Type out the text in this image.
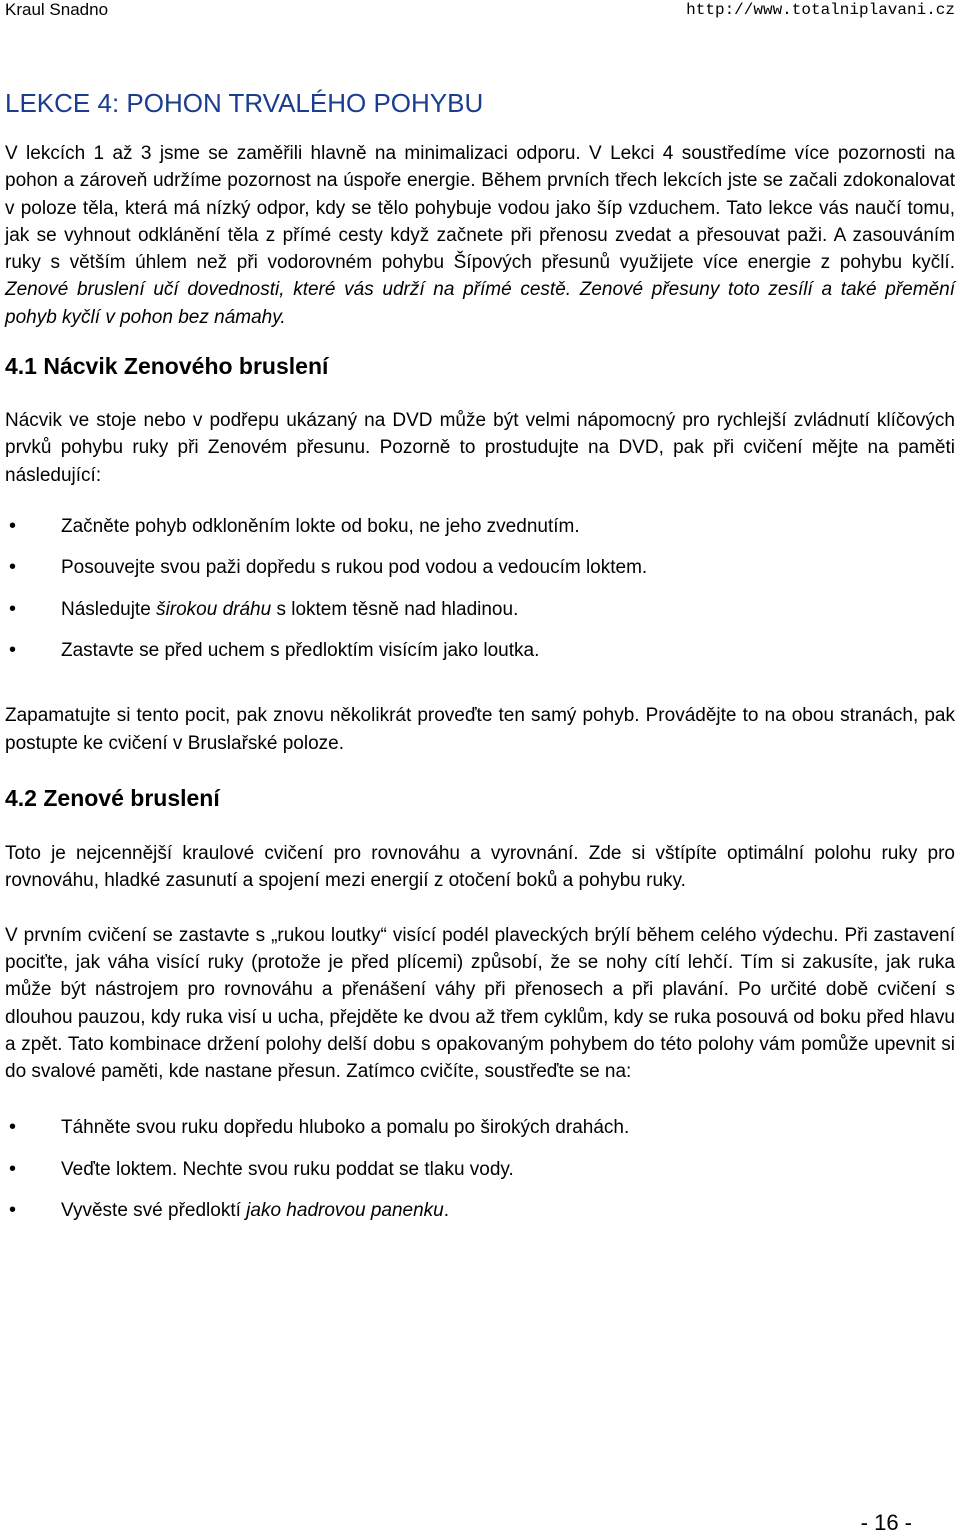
Kraul Snadno	http://www.totalniplavani.cz
LEKCE 4: POHON TRVALÉHO POHYBU

V lekcích 1 až 3 jsme se zaměřili hlavně na minimalizaci odporu. V Lekci 4 soustředíme více pozornosti na pohon a zároveň udržíme pozornost na úspoře energie. Během prvních třech lekcích jste se začali zdokonalovat v poloze těla, která má nízký odpor, kdy se tělo pohybuje vodou jako šíp vzduchem. Tato lekce vás naučí tomu, jak se vyhnout odklánění těla z přímé cesty když začnete při přenosu zvedat a přesouvat paži. A zasouváním ruky s větším úhlem než při vodorovném pohybu Šípových přesunů využijete více energie z pohybu kyčlí. Zenové bruslení učí dovednosti, které vás udrží na přímé cestě. Zenové přesuny toto zesílí a také přemění pohyb kyčlí v pohon bez námahy.

4.1 Nácvik Zenového bruslení

Nácvik ve stoje nebo v podřepu ukázaný na DVD může být velmi nápomocný pro rychlejší zvládnutí klíčových prvků pohybu ruky při Zenovém přesunu. Pozorně to prostudujte na DVD, pak při cvičení mějte na paměti následující:

• Začněte pohyb odkloněním lokte od boku, ne jeho zvednutím.
• Posouvejte svou paži dopředu s rukou pod vodou a vedoucím loktem.
• Následujte širokou dráhu s loktem těsně nad hladinou.
• Zastavte se před uchem s předloktím visícím jako loutka.

Zapamatujte si tento pocit, pak znovu několikrát proveďte ten samý pohyb. Provádějte to na obou stranách, pak postupte ke cvičení v Bruslařské poloze.

4.2 Zenové bruslení

Toto je nejcennější kraulové cvičení pro rovnováhu a vyrovnání. Zde si vštípíte optimální polohu ruky pro rovnováhu, hladké zasunutí a spojení mezi energií z otočení boků a pohybu ruky.

V prvním cvičení se zastavte s „rukou loutky“ visící podél plaveckých brýlí během celého výdechu. Při zastavení pociťte, jak váha visící ruky (protože je před plícemi) způsobí, že se nohy cítí lehčí. Tím si zakusíte, jak ruka může být nástrojem pro rovnováhu a přenášení váhy při přenosech a při plavání. Po určité době cvičení s dlouhou pauzou, kdy ruka visí u ucha, přejděte ke dvou až třem cyklům, kdy se ruka posouvá od boku před hlavu a zpět. Tato kombinace držení polohy delší dobu s opakovaným pohybem do této polohy vám pomůže upevnit si do svalové paměti, kde nastane přesun. Zatímco cvičíte, soustřeďte se na:

• Táhněte svou ruku dopředu hluboko a pomalu po širokých drahách.
• Veďte loktem. Nechte svou ruku poddat se tlaku vody.
• Vyvěste své předloktí jako hadrovou panenku.
- 16 -
